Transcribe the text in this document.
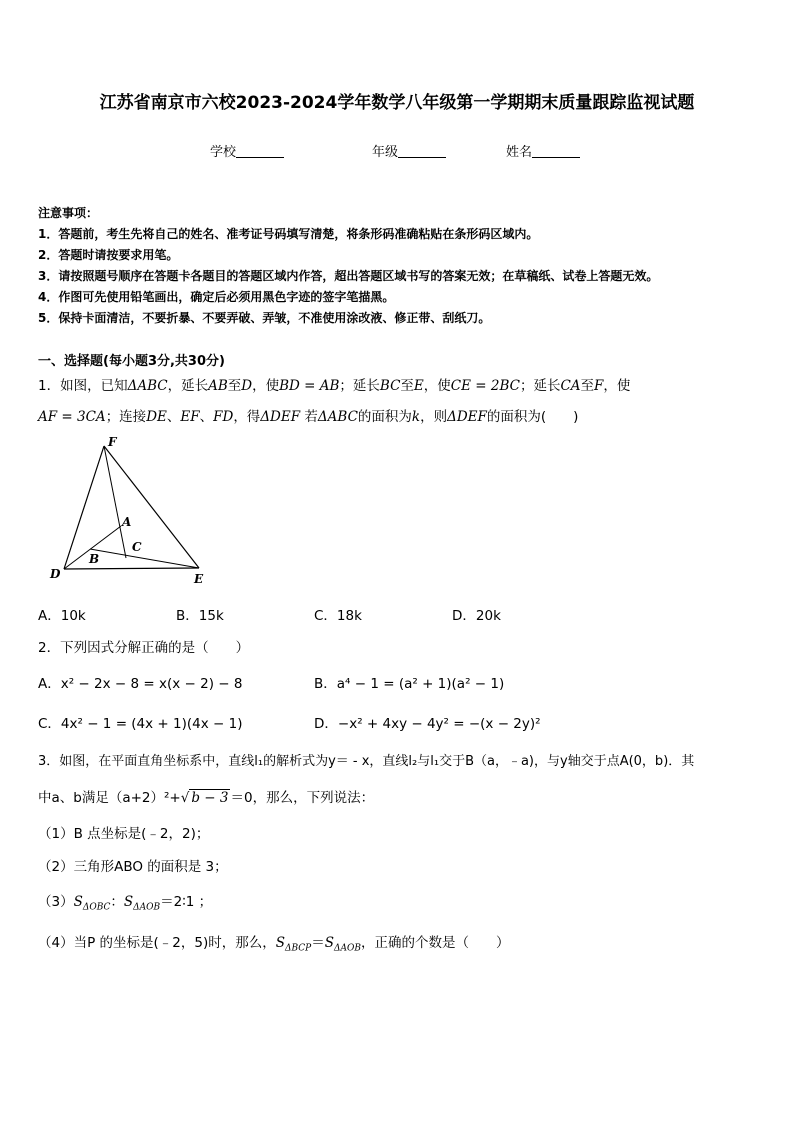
江苏省南京市六校2023-2024学年数学八年级第一学期期末质量跟踪监视试题
学校	年级	姓名
注意事项：
1．答题前，考生先将自己的姓名、准考证号码填写清楚，将条形码准确粘贴在条形码区域内。
2．答题时请按要求用笔。
3．请按照题号顺序在答题卡各题目的答题区域内作答，超出答题区域书写的答案无效；在草稿纸、试卷上答题无效。
4．作图可先使用铅笔画出，确定后必须用黑色字迹的签字笔描黑。
5．保持卡面清洁，不要折暴、不要弄破、弄皱，不准使用涂改液、修正带、刮纸刀。
一、选择题(每小题3分,共30分)
1．如图，已知ΔABC，延长AB至D，使BD = AB；延长BC至E，使CE = 2BC；延长CA至F，使
AF = 3CA；连接DE、EF、FD，得ΔDEF 若ΔABC的面积为k，则ΔDEF的面积为(　　)
F
A
C
B
D	E
A．10k	B．15k	C．18k	D．20k
2．下列因式分解正确的是（　　）
A．x² − 2x − 8 = x(x − 2) − 8	B．a⁴ − 1 = (a² + 1)(a² − 1)
C．4x² − 1 = (4x + 1)(4x − 1)	D．−x² + 4xy − 4y² = −(x − 2y)²
3．如图，在平面直角坐标系中，直线l₁的解析式为y＝ - x，直线l₂与l₁交于B（a，﹣a)，与y轴交于点A(0，b)．其
中a、b满足（a+2）²+√ b − 3 ＝0，那么，下列说法：
（1）B 点坐标是(﹣2，2)；
（2）三角形ABO 的面积是 3；
$(3)S_{\Delta OBC}$：$S_{\Delta AOB}=2∶1$ ；
（4）当P 的坐标是(﹣2，5)时，那么，$S_{\Delta BCP}=S_{\Delta AOB}$，正确的个数是（　　）
